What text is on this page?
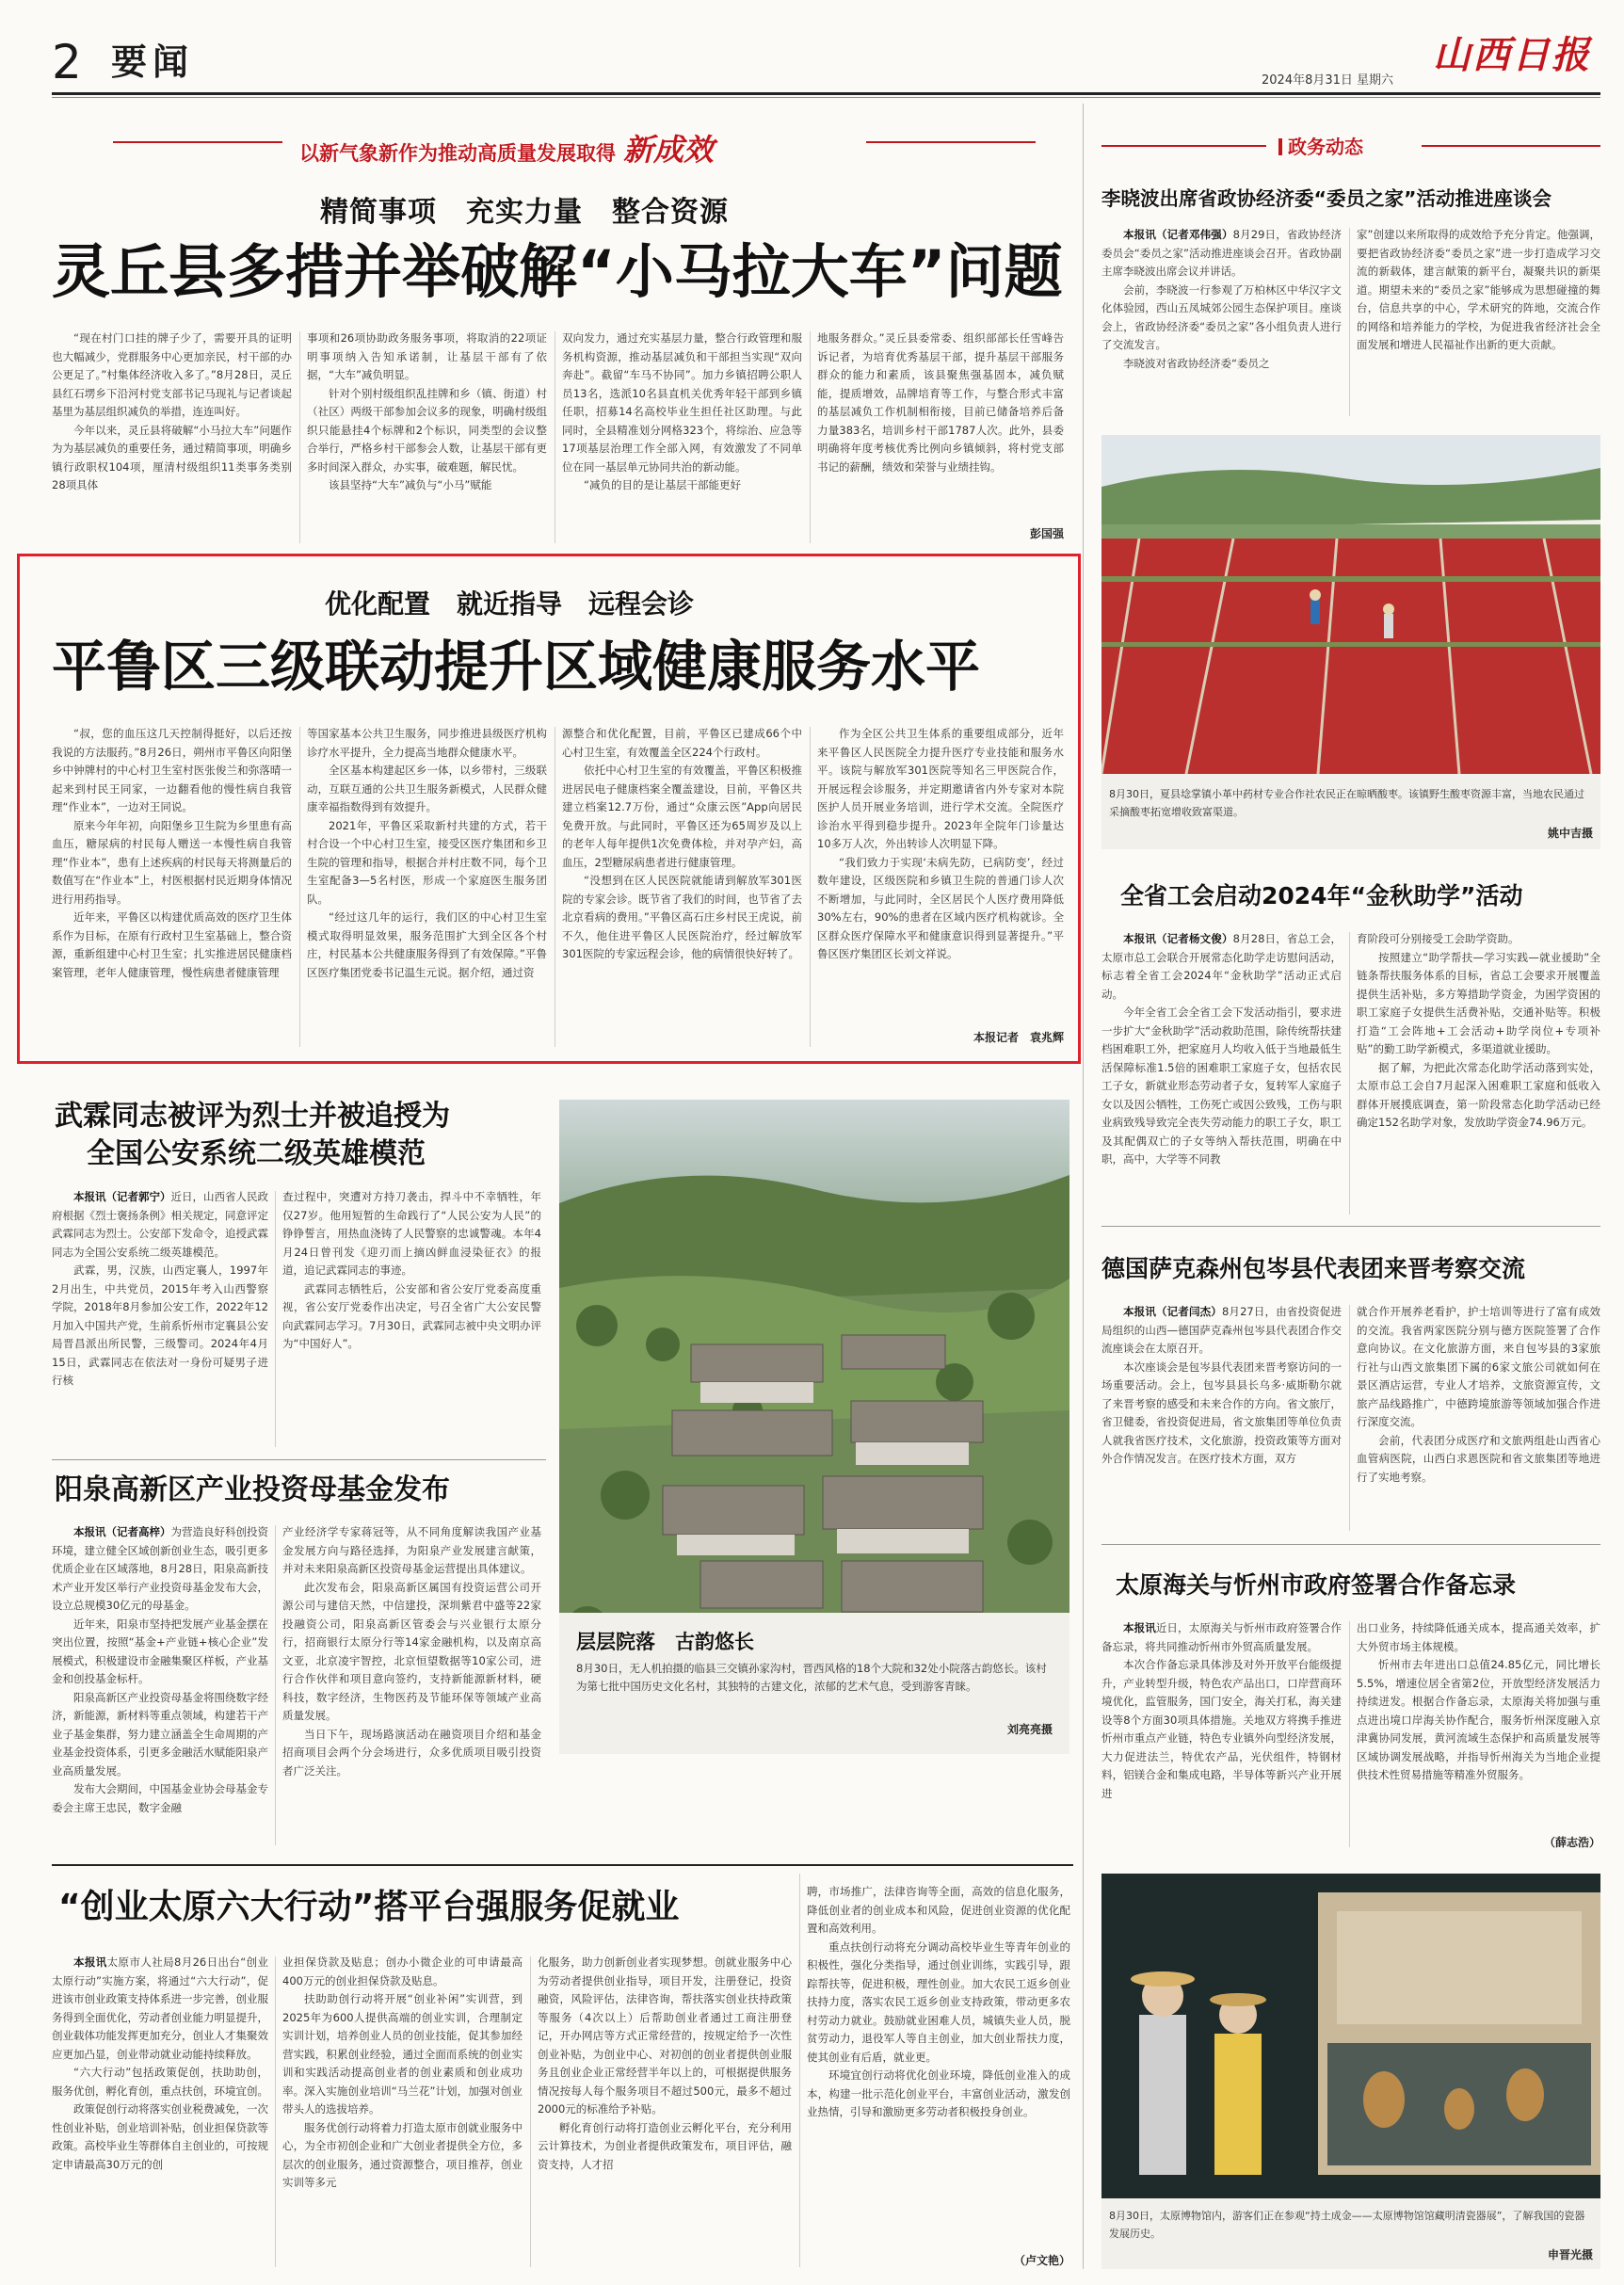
2 要闻	2024年8月31日 星期六
山西日报
以新气象新作为推动高质量发展取得 新成效	政务动态
精简事项　充实力量　整合资源
灵丘县多措并举破解“小马拉大车”问题

“现在村门口挂的牌子少了，需要开具的证明也大幅减少，党群服务中心更加亲民，村干部的办公更足了。”村集体经济收入多了。”8月28日，灵丘县红石塄乡下沿河村党支部书记马现礼与记者谈起基里为基层组织减负的举措，连连叫好。

今年以来，灵丘县将破解“小马拉大车”问题作为为基层减负的重要任务，通过精简事项，明确乡镇行政职权104项，厘清村级组织11类事务类别28项具体

事项和26项协助政务服务事项，将取消的22项证明事项纳入告知承诺制，让基层干部有了依据，“大车”减负明显。

针对个别村级组织乱挂牌和乡（镇、街道）村（社区）两级干部参加会议多的现象，明确村级组织只能悬挂4个标牌和2个标识，同类型的会议整合举行，严格乡村干部参会人数，让基层干部有更多时间深入群众，办实事，破难题，解民忧。

该县坚持“大车”减负与“小马”赋能

双向发力，通过充实基层力量，整合行政管理和服务机构资源，推动基层减负和干部担当实现“双向奔赴”。截留“车马不协同”。加力乡镇招聘公职人员13名，选派10名县直机关优秀年轻干部到乡镇任职，招募14名高校毕业生担任社区助理。与此同时，全县精准划分网格323个，将综治、应急等17项基层治理工作全部入网，有效激发了不同单位在同一基层单元协同共治的新动能。

“减负的目的是让基层干部能更好

地服务群众。”灵丘县委常委、组织部部长任雪峰告诉记者，为培育优秀基层干部，提升基层干部服务群众的能力和素质，该县聚焦强基固本，减负赋能，提质增效，品牌培育等工作，与整合形式丰富的基层减负工作机制相衔接，目前已储备培养后备力量383名，培训乡村干部1787人次。此外，县委明确将年度考核优秀比例向乡镇倾斜，将村党支部书记的薪酬，绩效和荣誉与业绩挂钩。

彭国强
优化配置　就近指导　远程会诊
平鲁区三级联动提升区域健康服务水平

“叔，您的血压这几天控制得挺好，以后还按我说的方法服药。”8月26日，朔州市平鲁区向阳堡乡中钟牌村的中心村卫生室村医张俊兰和弥落晴一起来到村民王同家，一边翻看他的慢性病自我管理“作业本”，一边对王同说。

原来今年年初，向阳堡乡卫生院为乡里患有高血压，糖尿病的村民每人赠送一本慢性病自我管理“作业本”，患有上述疾病的村民每天将测量后的数值写在“作业本”上，村医根据村民近期身体情况进行用药指导。

近年来，平鲁区以构建优质高效的医疗卫生体系作为目标，在原有行政村卫生室基础上，整合资源，重新组建中心村卫生室；扎实推进居民健康档案管理，老年人健康管理，慢性病患者健康管理

等国家基本公共卫生服务，同步推进县级医疗机构诊疗水平提升，全力提高当地群众健康水平。

全区基本构建起区乡一体，以乡带村，三级联动，互联互通的公共卫生服务新模式，人民群众健康幸福指数得到有效提升。

2021年，平鲁区采取新村共建的方式，若干村合设一个中心村卫生室，接受区医疗集团和乡卫生院的管理和指导，根据合并村庄数不同，每个卫生室配备3—5名村医，形成一个家庭医生服务团队。

“经过这几年的运行，我们区的中心村卫生室模式取得明显效果，服务范围扩大到全区各个村庄，村民基本公共健康服务得到了有效保障。”平鲁区医疗集团党委书记温生元说。据介绍，通过资

源整合和优化配置，目前，平鲁区已建成66个中心村卫生室，有效覆盖全区224个行政村。

依托中心村卫生室的有效覆盖，平鲁区积极推进居民电子健康档案全覆盖建设，目前，平鲁区共建立档案12.7万份，通过“众康云医”App向居民免费开放。与此同时，平鲁区还为65周岁及以上的老年人每年提供1次免费体检，并对孕产妇，高血压，2型糖尿病患者进行健康管理。

“没想到在区人民医院就能请到解放军301医院的专家会诊。既节省了我们的时间，也节省了去北京看病的费用。”平鲁区高石庄乡村民王虎说，前不久，他住进平鲁区人民医院治疗，经过解放军301医院的专家远程会诊，他的病情很快好转了。

作为全区公共卫生体系的重要组成部分，近年来平鲁区人民医院全力提升医疗专业技能和服务水平。该院与解放军301医院等知名三甲医院合作，开展远程会诊服务，并定期邀请省内外专家对本院医护人员开展业务培训，进行学术交流。全院医疗诊治水平得到稳步提升。2023年全院年门诊量达10多万人次，外出转诊人次明显下降。

“我们致力于实现‘未病先防，已病防变’，经过数年建设，区级医院和乡镇卫生院的普通门诊人次不断增加，与此同时，全区居民个人医疗费用降低30%左右，90%的患者在区域内医疗机构就诊。全区群众医疗保障水平和健康意识得到显著提升。”平鲁区医疗集团区长刘文祥说。

本报记者　袁兆辉
武霖同志被评为烈士并被追授为
全国公安系统二级英雄模范

本报讯（记者郭宁）近日，山西省人民政府根据《烈士褒扬条例》相关规定，同意评定武霖同志为烈士。公安部下发命令，追授武霖同志为全国公安系统二级英雄模范。

武霖，男，汉族，山西定襄人，1997年2月出生，中共党员，2015年考入山西警察学院，2018年8月参加公安工作，2022年12月加入中国共产党，生前系忻州市定襄县公安局晋昌派出所民警，三级警司。2024年4月15日，武霖同志在依法对一身份可疑男子进行核

查过程中，突遭对方持刀袭击，捍斗中不幸牺牲，年仅27岁。他用短暂的生命践行了“人民公安为人民”的铮铮誓言，用热血浇铸了人民警察的忠诚警魂。本年4月24日曾刊发《迎刃而上摘凶鲜血浸染征衣》的报道，追记武霖同志的事迹。

武霖同志牺牲后，公安部和省公安厅党委高度重视，省公安厅党委作出决定，号召全省广大公安民警向武霖同志学习。7月30日，武霖同志被中央文明办评为“中国好人”。

阳泉高新区产业投资母基金发布

本报讯（记者高梓）为营造良好科创投资环境，建立健全区域创新创业生态，吸引更多优质企业在区域落地，8月28日，阳泉高新技术产业开发区举行产业投资母基金发布大会，设立总规模30亿元的母基金。

近年来，阳泉市坚持把发展产业基金摆在突出位置，按照“基金+产业链+核心企业”发展模式，积极建设市金融集聚区样板，产业基金和创投基金标杆。

阳泉高新区产业投资母基金将围绕数字经济，新能源，新材料等重点领域，构建若干产业子基金集群，努力建立涵盖全生命周期的产业基金投资体系，引更多金融活水赋能阳泉产业高质量发展。

发布大会期间，中国基金业协会母基金专委会主席王忠民，数字金融

产业经济学专家蒋冠等，从不同角度解读我国产业基金发展方向与路径选择，为阳泉产业发展建言献策，并对未来阳泉高新区投资母基金运营提出具体建议。

此次发布会，阳泉高新区属国有投资运营公司开源公司与建信天然，中信建投，深圳紫君中盛等22家投融资公司，阳泉高新区管委会与兴业银行太原分行，招商银行太原分行等14家金融机构，以及南京高文亚，北京凌宇智控，北京恒望数据等10家公司，进行合作伙伴和项目意向签约，支持新能源新材料，硬科技，数字经济，生物医药及节能环保等领域产业高质量发展。

当日下午，现场路演活动在融资项目介绍和基金招商项目会两个分会场进行，众多优质项目吸引投资者广泛关注。

层层院落　古韵悠长
8月30日，无人机拍摄的临县三交镇孙家沟村，晋西风格的18个大院和32处小院落古韵悠长。该村为第七批中国历史文化名村，其独特的古建文化，浓郁的艺术气息，受到游客青睐。
刘亮亮摄
“创业太原六大行动”搭平台强服务促就业

本报讯太原市人社局8月26日出台“创业太原行动”实施方案，将通过“六大行动”，促进该市创业政策支持体系进一步完善，创业服务得到全面优化，劳动者创业能力明显提升，创业载体功能发挥更加充分，创业人才集聚效应更加凸显，创业带动就业动能持续释放。

“六大行动”包括政策促创，扶助助创，服务优创，孵化育创，重点扶创，环境宜创。

政策促创行动将落实创业税费减免，一次性创业补贴，创业培训补贴，创业担保贷款等政策。高校毕业生等群体自主创业的，可按规定申请最高30万元的创

业担保贷款及贴息；创办小微企业的可申请最高400万元的创业担保贷款及贴息。

扶助助创行动将开展“创业补闲”实训营，到2025年为600人提供高端的创业实训，合理制定实训计划，培养创业人员的创业技能，促其参加经营实践，积累创业经验，通过全面而系统的创业实训和实践活动提高创业者的创业素质和创业成功率。深入实施创业培训“马兰花”计划，加强对创业带头人的选拔培养。

服务优创行动将着力打造太原市创就业服务中心，为全市初创企业和广大创业者提供全方位，多层次的创业服务，通过资源整合，项目推荐，创业实训等多元

化服务，助力创新创业者实现梦想。创就业服务中心为劳动者提供创业指导，项目开发，注册登记，投资融资，风险评估，法律咨询，帮扶落实创业扶持政策等服务（4次以上）后帮助创业者通过工商注册登记，开办网店等方式正常经营的，按规定给予一次性创业补贴，为创业中心、对初创的创业者提供创业服务且创业企业正常经营半年以上的，可根据提供服务情况按每人每个服务项目不超过500元，最多不超过2000元的标准给予补贴。

孵化育创行动将打造创业云孵化平台，充分利用云计算技术，为创业者提供政策发布，项目评估，融资支持，人才招

聘，市场推广，法律咨询等全面，高效的信息化服务，降低创业者的创业成本和风险，促进创业资源的优化配置和高效利用。

重点扶创行动将充分调动高校毕业生等青年创业的积极性，强化分类指导，通过创业训练，实践引导，跟踪帮扶等，促进积极，理性创业。加大农民工返乡创业扶持力度，落实农民工返乡创业支持政策，带动更多农村劳动力就业。鼓励就业困难人员，城镇失业人员，脱贫劳动力，退役军人等自主创业，加大创业帮扶力度，使其创业有后盾，就业更。

环境宜创行动将优化创业环境，降低创业准入的成本，构建一批示范化创业平台，丰富创业活动，激发创业热情，引导和激励更多劳动者积极投身创业。

（卢文艳）
李晓波出席省政协经济委“委员之家”活动推进座谈会

本报讯（记者邓伟强）8月29日，省政协经济委员会“委员之家”活动推进座谈会召开。省政协副主席李晓波出席会议并讲话。

会前，李晓波一行参观了万柏林区中华汉字文化体验园，西山五凤城郊公园生态保护项目。座谈会上，省政协经济委“委员之家”各小组负责人进行了交流发言。

李晓波对省政协经济委“委员之

家”创建以来所取得的成效给予充分肯定。他强调，要把省政协经济委“委员之家”进一步打造成学习交流的新载体，建言献策的新平台，凝聚共识的新渠道。期望未来的“委员之家”能够成为思想碰撞的舞台，信息共享的中心，学术研究的阵地，交流合作的网络和培养能力的学校，为促进我省经济社会全面发展和增进人民福祉作出新的更大贡献。

8月30日，夏县埝掌镇小革中药材专业合作社农民正在晾晒酸枣。该镇野生酸枣资源丰富，当地农民通过采摘酸枣拓宽增收致富渠道。
姚中吉摄
全省工会启动2024年“金秋助学”活动

本报讯（记者杨文俊）8月28日，省总工会，太原市总工会联合开展常态化助学走访慰问活动，标志着全省工会2024年“金秋助学”活动正式启动。

今年全省工会全省工会下发活动指引，要求进一步扩大“金秋助学”活动救助范围，除传统帮扶建档困难职工外，把家庭月人均收入低于当地最低生活保障标准1.5倍的困难职工家庭子女，包括农民工子女，新就业形态劳动者子女，复转军人家庭子女以及因公牺牲，工伤死亡或因公致残，工伤与职业病致残导致完全丧失劳动能力的职工子女，职工及其配偶双亡的子女等纳入帮扶范围，明确在中职，高中，大学等不同教

育阶段可分别接受工会助学资助。

按照建立“助学帮扶—学习实践—就业援助”全链条帮扶服务体系的目标，省总工会要求开展覆盖提供生活补贴，多方筹措助学资金，为困学资困的职工家庭子女提供生活费补贴，交通补贴等。积极打造“工会阵地+工会活动+助学岗位+专项补贴”的勤工助学新模式，多渠道就业援助。

据了解，为把此次常态化助学活动落到实处，太原市总工会自7月起深入困难职工家庭和低收入群体开展摸底调查，第一阶段常态化助学活动已经确定152名助学对象，发放助学资金74.96万元。

德国萨克森州包岑县代表团来晋考察交流

本报讯（记者闫杰）8月27日，由省投资促进局组织的山西—德国萨克森州包岑县代表团合作交流座谈会在太原召开。

本次座谈会是包岑县代表团来晋考察访问的一场重要活动。会上，包岑县县长乌多·威斯勒尔就了来晋考察的感受和未来合作的方向。省文旅厅，省卫健委，省投资促进局，省文旅集团等单位负责人就我省医疗技术，文化旅游，投资政策等方面对外合作情况发言。在医疗技术方面，双方

就合作开展养老看护，护士培训等进行了富有成效的交流。我省两家医院分别与德方医院签署了合作意向协议。在文化旅游方面，来自包岑县的3家旅行社与山西文旅集团下属的6家文旅公司就如何在景区酒店运营，专业人才培养，文旅资源宣传，文旅产品线路推广，中德跨境旅游等领域加强合作进行深度交流。

会前，代表团分成医疗和文旅两组赴山西省心血管病医院，山西白求恩医院和省文旅集团等地进行了实地考察。

太原海关与忻州市政府签署合作备忘录

本报讯近日，太原海关与忻州市政府签署合作备忘录，将共同推动忻州市外贸高质量发展。

本次合作备忘录具体涉及对外开放平台能级提升，产业转型升级，特色农产品出口，口岸营商环境优化，监管服务，国门安全，海关打私，海关建设等8个方面30项具体措施。关地双方将携手推进忻州市重点产业链，特色专业镇外向型经济发展，大力促进法兰，特优农产品，光伏组件，特钢材料，铝镁合金和集成电路，半导体等新兴产业开展进

出口业务，持续降低通关成本，提高通关效率，扩大外贸市场主体规模。

忻州市去年进出口总值24.85亿元，同比增长5.5%，增速位居全省第2位，开放型经济发展活力持续迸发。根据合作备忘录，太原海关将加强与重点进出境口岸海关协作配合，服务忻州深度融入京津冀协同发展，黄河流域生态保护和高质量发展等区域协调发展战略，并指导忻州海关为当地企业提供技术性贸易措施等精准外贸服务。

（薛志浩）
8月30日，太原博物馆内，游客们正在参观“持土成金——太原博物馆馆藏明清瓷器展”，了解我国的瓷器发展历史。
申晋光摄
